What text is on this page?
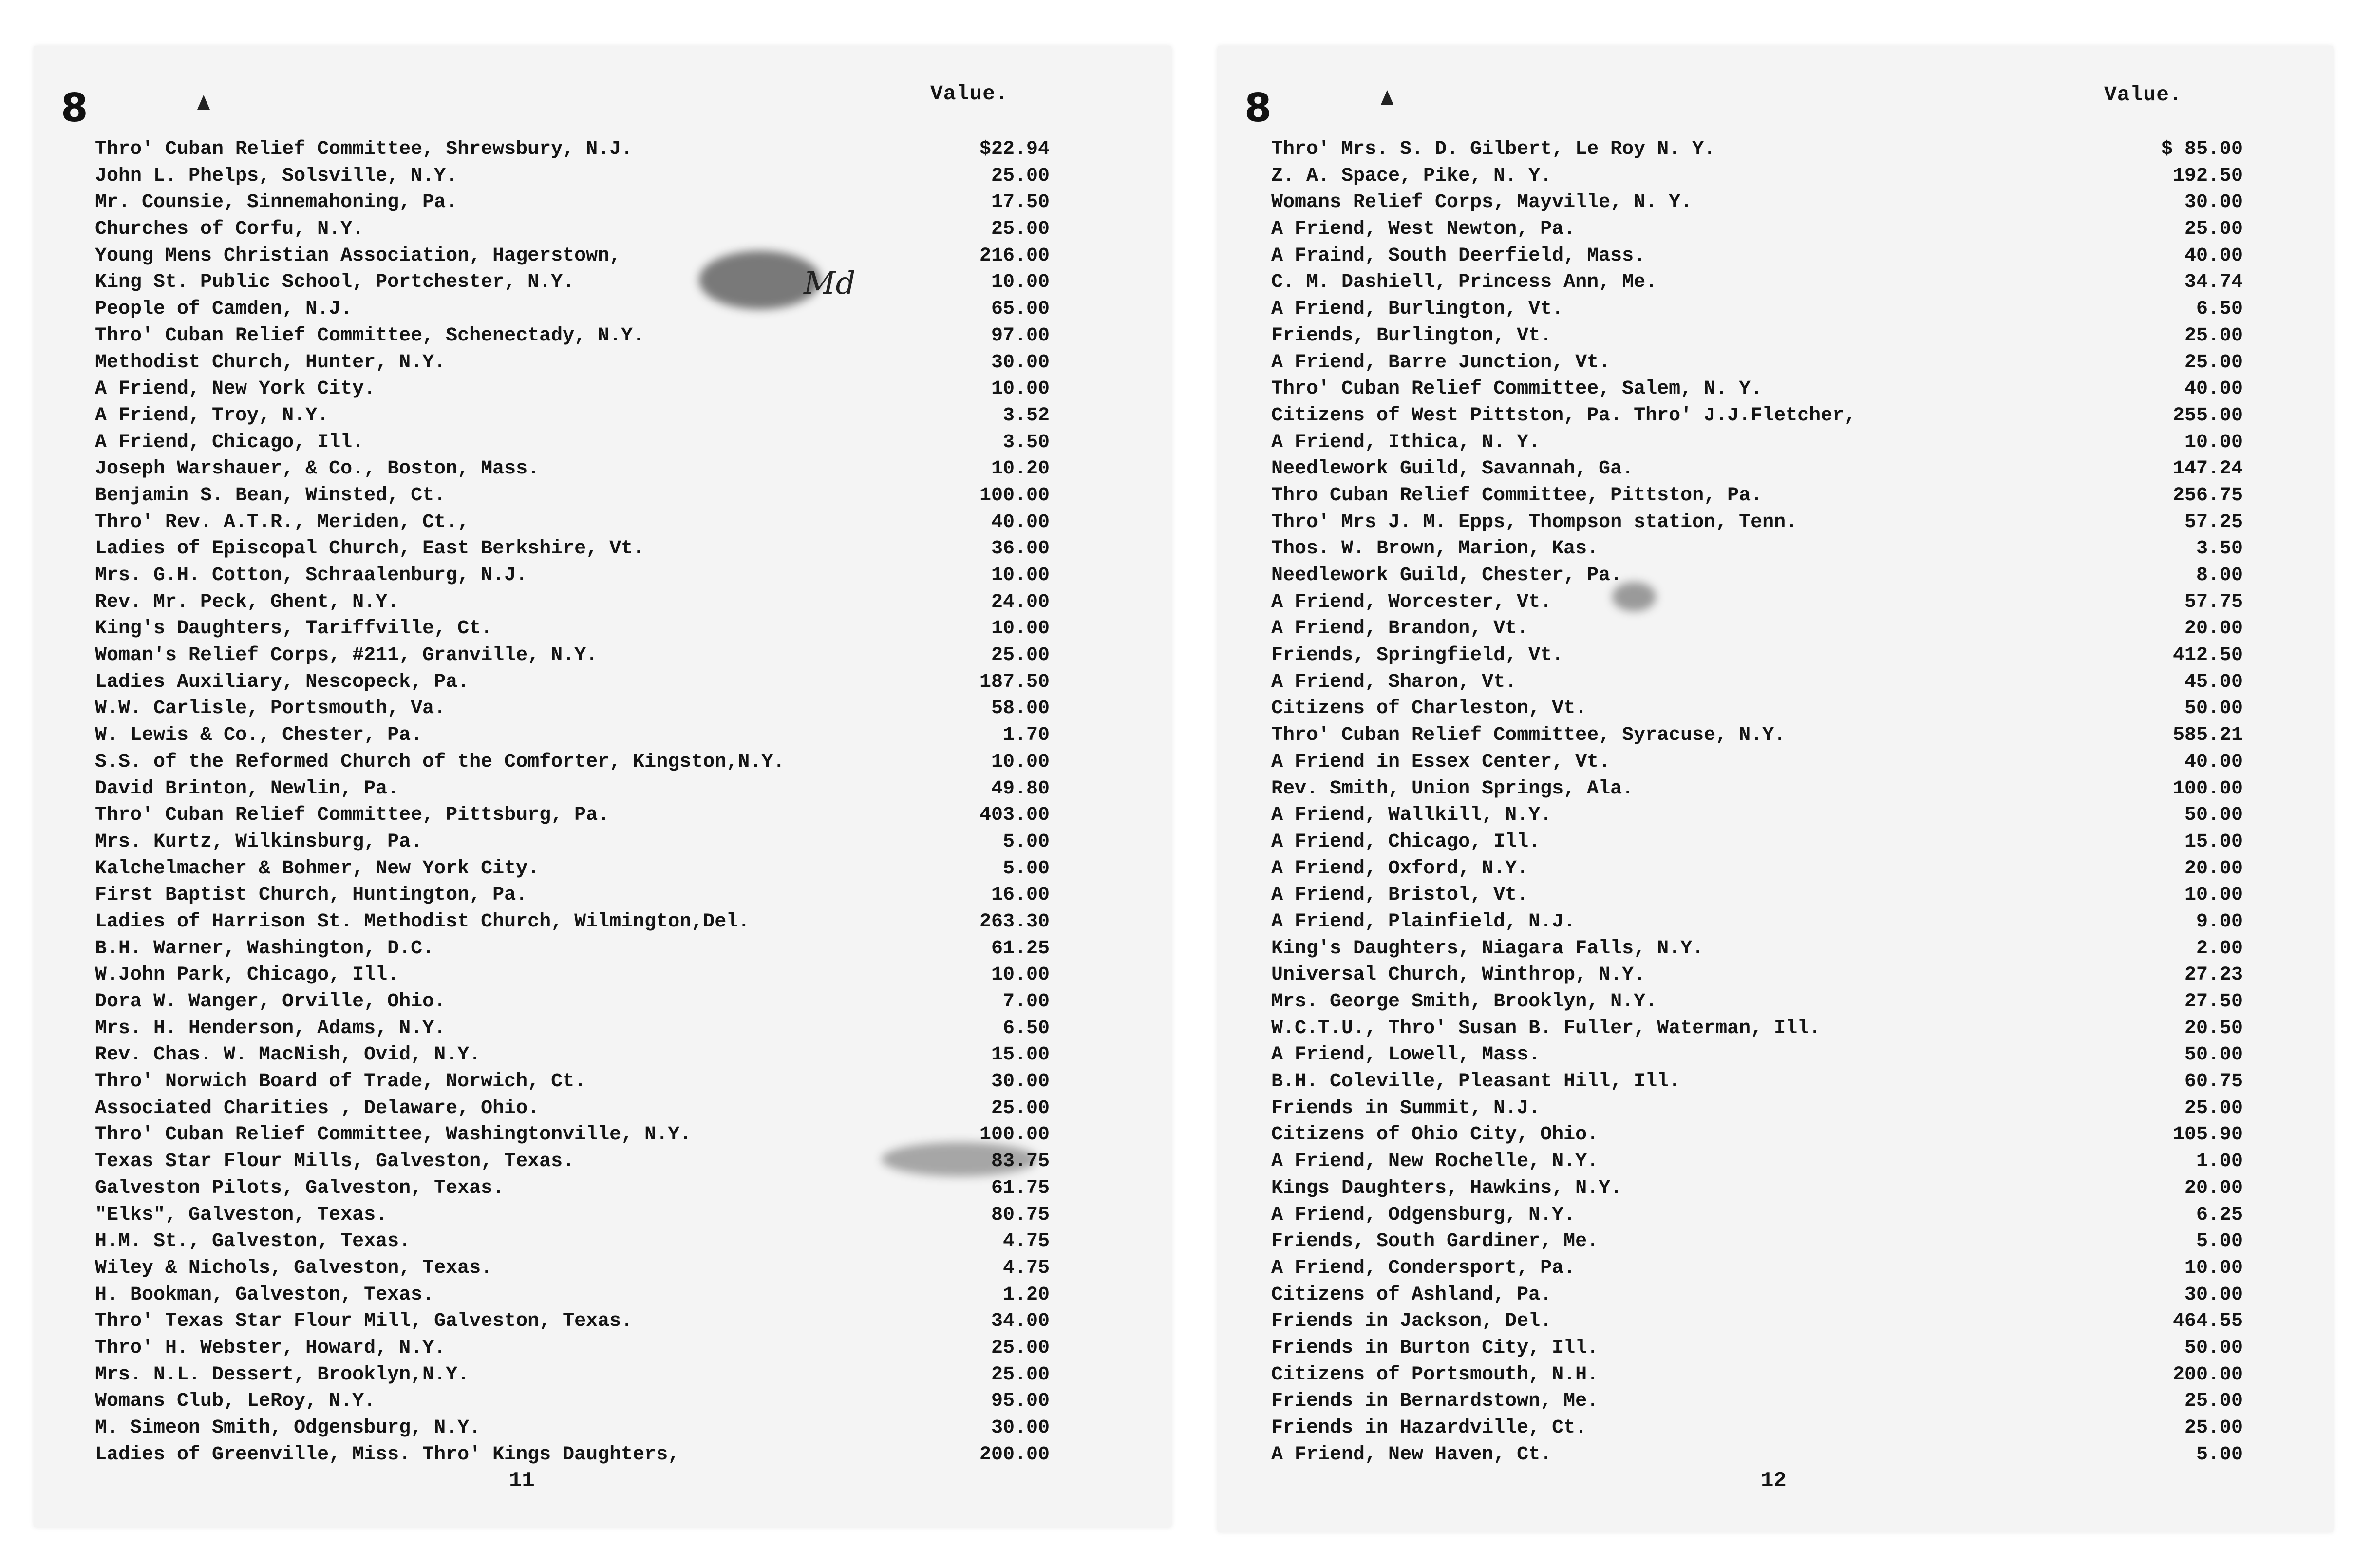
8	Value.
Md
Thro' Cuban Relief Committee, Shrewsbury, N.J.	$22.94
John L. Phelps, Solsville, N.Y.	25.00
Mr. Counsie, Sinnemahoning, Pa.	17.50
Churches of Corfu, N.Y.	25.00
Young Mens Christian Association, Hagerstown,	216.00
King St. Public School, Portchester, N.Y.	10.00
People of Camden, N.J.	65.00
Thro' Cuban Relief Committee, Schenectady, N.Y.	97.00
Methodist Church, Hunter, N.Y.	30.00
A Friend, New York City.	10.00
A Friend, Troy, N.Y.	3.52
A Friend, Chicago, Ill.	3.50
Joseph Warshauer, & Co., Boston, Mass.	10.20
Benjamin S. Bean, Winsted, Ct.	100.00
Thro' Rev. A.T.R., Meriden, Ct.,	40.00
Ladies of Episcopal Church, East Berkshire, Vt.	36.00
Mrs. G.H. Cotton, Schraalenburg, N.J.	10.00
Rev. Mr. Peck, Ghent, N.Y.	24.00
King's Daughters, Tariffville, Ct.	10.00
Woman's Relief Corps, #211, Granville, N.Y.	25.00
Ladies Auxiliary, Nescopeck, Pa.	187.50
W.W. Carlisle, Portsmouth, Va.	58.00
W. Lewis & Co., Chester, Pa.	1.70
S.S. of the Reformed Church of the Comforter, Kingston,N.Y.	10.00
David Brinton, Newlin, Pa.	49.80
Thro' Cuban Relief Committee, Pittsburg, Pa.	403.00
Mrs. Kurtz, Wilkinsburg, Pa.	5.00
Kalchelmacher & Bohmer, New York City.	5.00
First Baptist Church, Huntington, Pa.	16.00
Ladies of Harrison St. Methodist Church, Wilmington,Del.	263.30
B.H. Warner, Washington, D.C.	61.25
W.John Park, Chicago, Ill.	10.00
Dora W. Wanger, Orville, Ohio.	7.00
Mrs. H. Henderson, Adams, N.Y.	6.50
Rev. Chas. W. MacNish, Ovid, N.Y.	15.00
Thro' Norwich Board of Trade, Norwich, Ct.	30.00
Associated Charities , Delaware, Ohio.	25.00
Thro' Cuban Relief Committee, Washingtonville, N.Y.	100.00
Texas Star Flour Mills, Galveston, Texas.	83.75
Galveston Pilots, Galveston, Texas.	61.75
"Elks", Galveston, Texas.	80.75
H.M. St., Galveston, Texas.	4.75
Wiley & Nichols, Galveston, Texas.	4.75
H. Bookman, Galveston, Texas.	1.20
Thro' Texas Star Flour Mill, Galveston, Texas.	34.00
Thro' H. Webster, Howard, N.Y.	25.00
Mrs. N.L. Dessert, Brooklyn,N.Y.	25.00
Womans Club, LeRoy, N.Y.	95.00
M. Simeon Smith, Odgensburg, N.Y.	30.00
Ladies of Greenville, Miss. Thro' Kings Daughters,	200.00
11
8	Value.
Thro' Mrs. S. D. Gilbert, Le Roy N. Y.	$ 85.00
Z. A. Space, Pike, N. Y.	192.50
Womans Relief Corps, Mayville, N. Y.	30.00
A Friend, West Newton, Pa.	25.00
A Fraind, South Deerfield, Mass.	40.00
C. M. Dashiell, Princess Ann, Me.	34.74
A Friend, Burlington, Vt.	6.50
Friends, Burlington, Vt.	25.00
A Friend, Barre Junction, Vt.	25.00
Thro' Cuban Relief Committee, Salem, N. Y.	40.00
Citizens of West Pittston, Pa. Thro' J.J.Fletcher,	255.00
A Friend, Ithica, N. Y.	10.00
Needlework Guild, Savannah, Ga.	147.24
Thro Cuban Relief Committee, Pittston, Pa.	256.75
Thro' Mrs J. M. Epps, Thompson station, Tenn.	57.25
Thos. W. Brown, Marion, Kas.	3.50
Needlework Guild, Chester, Pa.	8.00
A Friend, Worcester, Vt.	57.75
A Friend, Brandon, Vt.	20.00
Friends, Springfield, Vt.	412.50
A Friend, Sharon, Vt.	45.00
Citizens of Charleston, Vt.	50.00
Thro' Cuban Relief Committee, Syracuse, N.Y.	585.21
A Friend in Essex Center, Vt.	40.00
Rev. Smith, Union Springs, Ala.	100.00
A Friend, Wallkill, N.Y.	50.00
A Friend, Chicago, Ill.	15.00
A Friend, Oxford, N.Y.	20.00
A Friend, Bristol, Vt.	10.00
A Friend, Plainfield, N.J.	9.00
King's Daughters, Niagara Falls, N.Y.	2.00
Universal Church, Winthrop, N.Y.	27.23
Mrs. George Smith, Brooklyn, N.Y.	27.50
W.C.T.U., Thro' Susan B. Fuller, Waterman, Ill.	20.50
A Friend, Lowell, Mass.	50.00
B.H. Coleville, Pleasant Hill, Ill.	60.75
Friends in Summit, N.J.	25.00
Citizens of Ohio City, Ohio.	105.90
A Friend, New Rochelle, N.Y.	1.00
Kings Daughters, Hawkins, N.Y.	20.00
A Friend, Odgensburg, N.Y.	6.25
Friends, South Gardiner, Me.	5.00
A Friend, Condersport, Pa.	10.00
Citizens of Ashland, Pa.	30.00
Friends in Jackson, Del.	464.55
Friends in Burton City, Ill.	50.00
Citizens of Portsmouth, N.H.	200.00
Friends in Bernardstown, Me.	25.00
Friends in Hazardville, Ct.	25.00
A Friend, New Haven, Ct.	5.00
12
